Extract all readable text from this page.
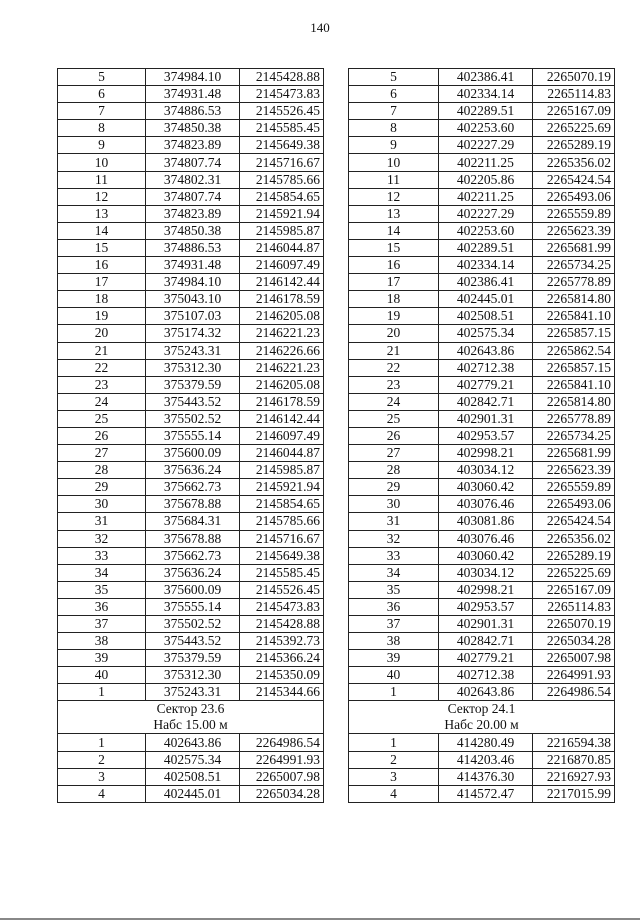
140
5	374984.10	2145428.88
6	374931.48	2145473.83
7	374886.53	2145526.45
8	374850.38	2145585.45
9	374823.89	2145649.38
10	374807.74	2145716.67
11	374802.31	2145785.66
12	374807.74	2145854.65
13	374823.89	2145921.94
14	374850.38	2145985.87
15	374886.53	2146044.87
16	374931.48	2146097.49
17	374984.10	2146142.44
18	375043.10	2146178.59
19	375107.03	2146205.08
20	375174.32	2146221.23
21	375243.31	2146226.66
22	375312.30	2146221.23
23	375379.59	2146205.08
24	375443.52	2146178.59
25	375502.52	2146142.44
26	375555.14	2146097.49
27	375600.09	2146044.87
28	375636.24	2145985.87
29	375662.73	2145921.94
30	375678.88	2145854.65
31	375684.31	2145785.66
32	375678.88	2145716.67
33	375662.73	2145649.38
34	375636.24	2145585.45
35	375600.09	2145526.45
36	375555.14	2145473.83
37	375502.52	2145428.88
38	375443.52	2145392.73
39	375379.59	2145366.24
40	375312.30	2145350.09
1	375243.31	2145344.66

Сектор 23.6
Набс 15.00 м		

1	402643.86	2264986.54
2	402575.34	2264991.93
3	402508.51	2265007.98
4	402445.01	2265034.28
5	402386.41	2265070.19
6	402334.14	2265114.83
7	402289.51	2265167.09
8	402253.60	2265225.69
9	402227.29	2265289.19
10	402211.25	2265356.02
11	402205.86	2265424.54
12	402211.25	2265493.06
13	402227.29	2265559.89
14	402253.60	2265623.39
15	402289.51	2265681.99
16	402334.14	2265734.25
17	402386.41	2265778.89
18	402445.01	2265814.80
19	402508.51	2265841.10
20	402575.34	2265857.15
21	402643.86	2265862.54
22	402712.38	2265857.15
23	402779.21	2265841.10
24	402842.71	2265814.80
25	402901.31	2265778.89
26	402953.57	2265734.25
27	402998.21	2265681.99
28	403034.12	2265623.39
29	403060.42	2265559.89
30	403076.46	2265493.06
31	403081.86	2265424.54
32	403076.46	2265356.02
33	403060.42	2265289.19
34	403034.12	2265225.69
35	402998.21	2265167.09
36	402953.57	2265114.83
37	402901.31	2265070.19
38	402842.71	2265034.28
39	402779.21	2265007.98
40	402712.38	2264991.93
1	402643.86	2264986.54

Сектор 24.1
Набс 20.00 м		

1	414280.49	2216594.38
2	414203.46	2216870.85
3	414376.30	2216927.93
4	414572.47	2217015.99
